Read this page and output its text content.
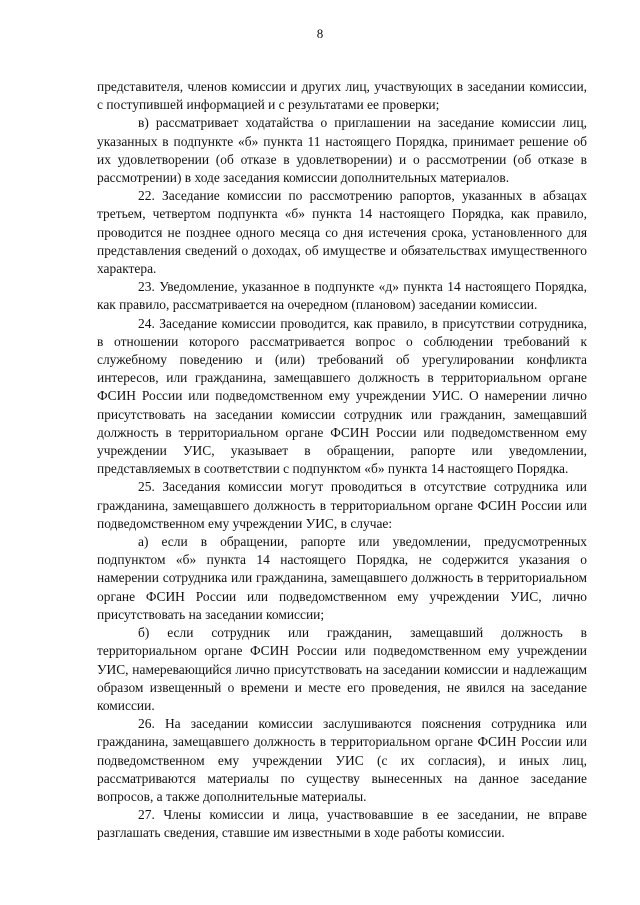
8

представителя, членов комиссии и других лиц, участвующих в заседании комиссии, с поступившей информацией и с результатами ее проверки;

в) рассматривает ходатайства о приглашении на заседание комиссии лиц, указанных в подпункте «б» пункта 11 настоящего Порядка, принимает решение об их удовлетворении (об отказе в удовлетворении) и о рассмотрении (об отказе в рассмотрении) в ходе заседания комиссии дополнительных материалов.

22. Заседание комиссии по рассмотрению рапортов, указанных в абзацах третьем, четвертом подпункта «б» пункта 14 настоящего Порядка, как правило, проводится не позднее одного месяца со дня истечения срока, установленного для представления сведений о доходах, об имуществе и обязательствах имущественного характера.

23. Уведомление, указанное в подпункте «д» пункта 14 настоящего Порядка, как правило, рассматривается на очередном (плановом) заседании комиссии.

24. Заседание комиссии проводится, как правило, в присутствии сотрудника, в отношении которого рассматривается вопрос о соблюдении требований к служебному поведению и (или) требований об урегулировании конфликта интересов, или гражданина, замещавшего должность в территориальном органе ФСИН России или подведомственном ему учреждении УИС. О намерении лично присутствовать на заседании комиссии сотрудник или гражданин, замещавший должность в территориальном органе ФСИН России или подведомственном ему учреждении УИС, указывает в обращении, рапорте или уведомлении, представляемых в соответствии с подпунктом «б» пункта 14 настоящего Порядка.

25. Заседания комиссии могут проводиться в отсутствие сотрудника или гражданина, замещавшего должность в территориальном органе ФСИН России или подведомственном ему учреждении УИС, в случае:

а) если в обращении, рапорте или уведомлении, предусмотренных подпунктом «б» пункта 14 настоящего Порядка, не содержится указания о намерении сотрудника или гражданина, замещавшего должность в территориальном органе ФСИН России или подведомственном ему учреждении УИС, лично присутствовать на заседании комиссии;

б) если сотрудник или гражданин, замещавший должность в территориальном органе ФСИН России или подведомственном ему учреждении УИС, намеревающийся лично присутствовать на заседании комиссии и надлежащим образом извещенный о времени и месте его проведения, не явился на заседание комиссии.

26. На заседании комиссии заслушиваются пояснения сотрудника или гражданина, замещавшего должность в территориальном органе ФСИН России или подведомственном ему учреждении УИС (с их согласия), и иных лиц, рассматриваются материалы по существу вынесенных на данное заседание вопросов, а также дополнительные материалы.

27. Члены комиссии и лица, участвовавшие в ее заседании, не вправе разглашать сведения, ставшие им известными в ходе работы комиссии.
